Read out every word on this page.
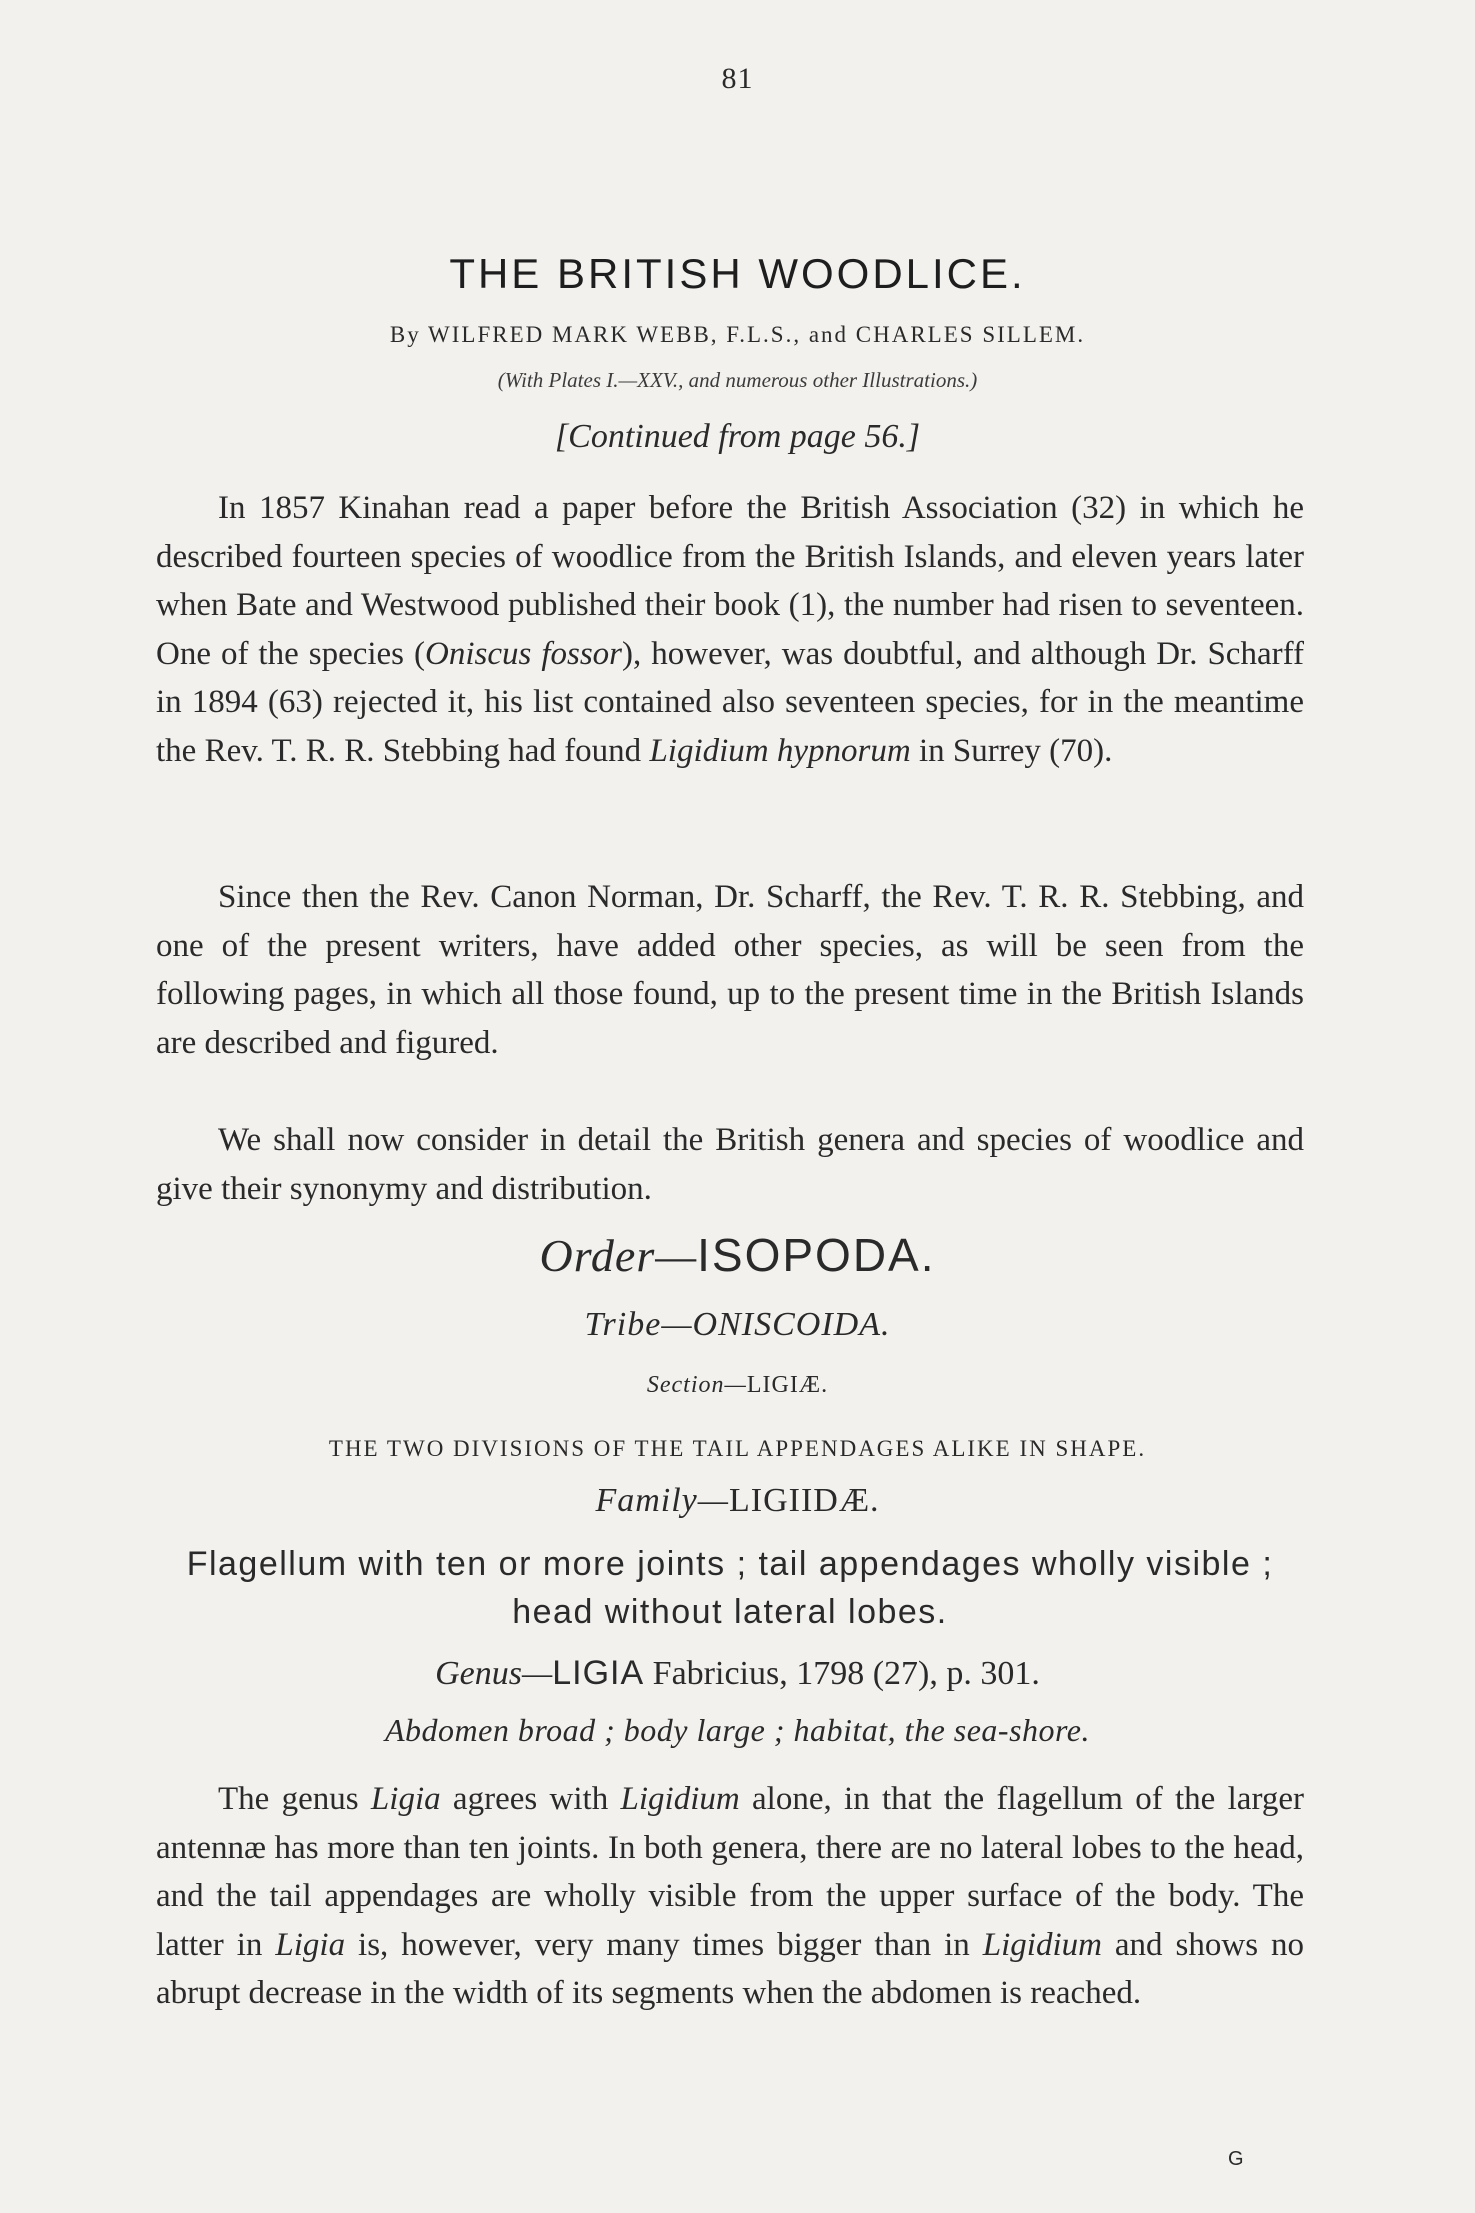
81
THE BRITISH WOODLICE.
By WILFRED MARK WEBB, F.L.S., and CHARLES SILLEM.
(With Plates I.—XXV., and numerous other Illustrations.)
[Continued from page 56.]

In 1857 Kinahan read a paper before the British Association (32) in which he described fourteen species of woodlice from the British Islands, and eleven years later when Bate and Westwood published their book (1), the number had risen to seventeen. One of the species (Oniscus fossor), however, was doubtful, and although Dr. Scharff in 1894 (63) rejected it, his list contained also seventeen species, for in the meantime the Rev. T. R. R. Stebbing had found Ligidium hypnorum in Surrey (70).

Since then the Rev. Canon Norman, Dr. Scharff, the Rev. T. R. R. Stebbing, and one of the present writers, have added other species, as will be seen from the following pages, in which all those found, up to the present time in the British Islands are described and figured.

We shall now consider in detail the British genera and species of woodlice and give their synonymy and distribution.

Order—ISOPODA.
Tribe—ONISCOIDA.
Section—LIGIÆ.
THE TWO DIVISIONS OF THE TAIL APPENDAGES ALIKE IN SHAPE.
Family—LIGIIDÆ.
Flagellum with ten or more joints ; tail appendages wholly visible ; head without lateral lobes.
Genus—LIGIA Fabricius, 1798 (27), p. 301.
Abdomen broad ; body large ; habitat, the sea-shore.

The genus Ligia agrees with Ligidium alone, in that the flagellum of the larger antennæ has more than ten joints. In both genera, there are no lateral lobes to the head, and the tail appendages are wholly visible from the upper surface of the body. The latter in Ligia is, however, very many times bigger than in Ligidium and shows no abrupt decrease in the width of its segments when the abdomen is reached.

G
